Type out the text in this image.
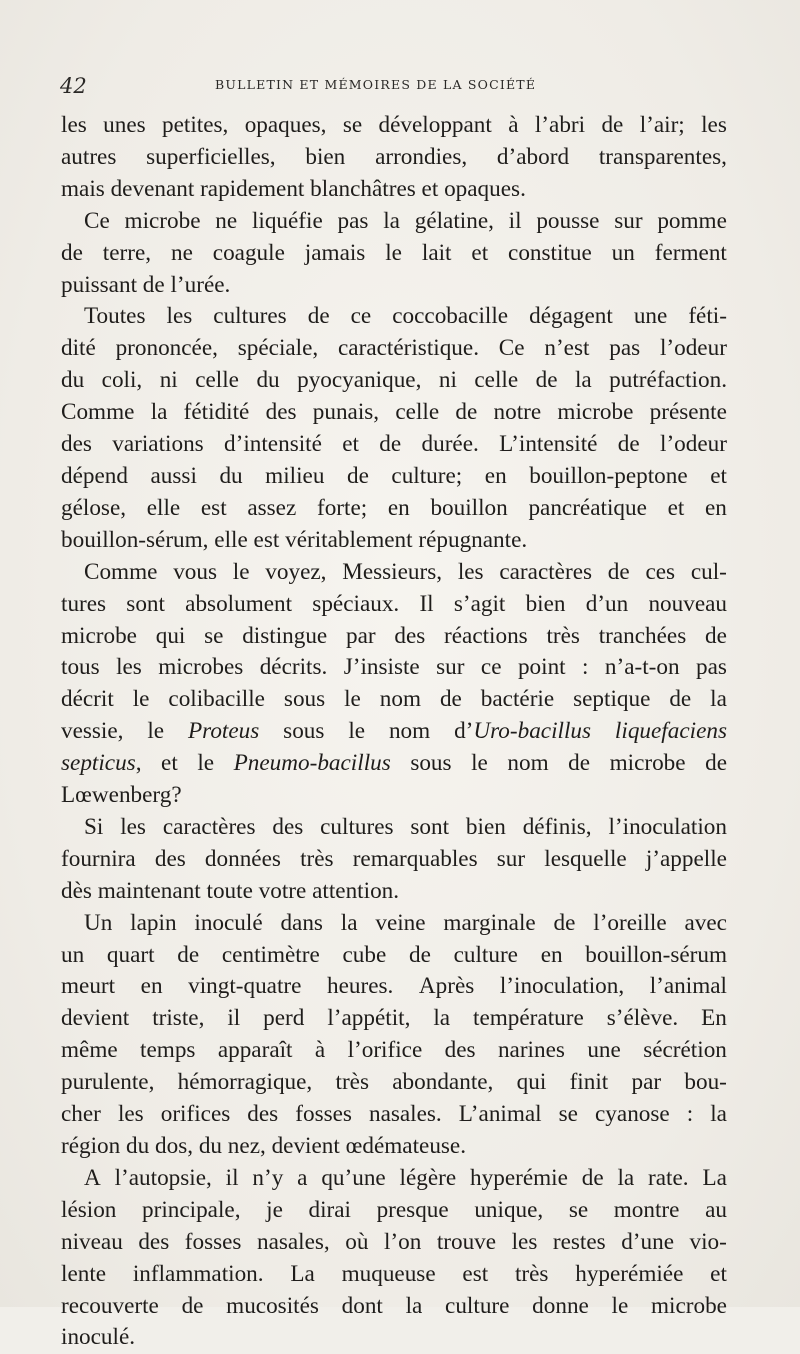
42	BULLETIN ET MÉMOIRES DE LA SOCIÉTÉ
les unes petites, opaques, se développant à l’abri de l’air; les
autres superficielles, bien arrondies, d’abord transparentes,
mais devenant rapidement blanchâtres et opaques.
Ce microbe ne liquéfie pas la gélatine, il pousse sur pomme
de terre, ne coagule jamais le lait et constitue un ferment
puissant de l’urée.
Toutes les cultures de ce coccobacille dégagent une féti-
dité prononcée, spéciale, caractéristique. Ce n’est pas l’odeur
du coli, ni celle du pyocyanique, ni celle de la putréfaction.
Comme la fétidité des punais, celle de notre microbe présente
des variations d’intensité et de durée. L’intensité de l’odeur
dépend aussi du milieu de culture; en bouillon-peptone et
gélose, elle est assez forte; en bouillon pancréatique et en
bouillon-sérum, elle est véritablement répugnante.
Comme vous le voyez, Messieurs, les caractères de ces cul-
tures sont absolument spéciaux. Il s’agit bien d’un nouveau
microbe qui se distingue par des réactions très tranchées de
tous les microbes décrits. J’insiste sur ce point : n’a-t-on pas
décrit le colibacille sous le nom de bactérie septique de la
vessie, le Proteus sous le nom d’Uro-bacillus liquefaciens
septicus, et le Pneumo-bacillus sous le nom de microbe de
Lœwenberg?
Si les caractères des cultures sont bien définis, l’inoculation
fournira des données très remarquables sur lesquelle j’appelle
dès maintenant toute votre attention.
Un lapin inoculé dans la veine marginale de l’oreille avec
un quart de centimètre cube de culture en bouillon-sérum
meurt en vingt-quatre heures. Après l’inoculation, l’animal
devient triste, il perd l’appétit, la température s’élève. En
même temps apparaît à l’orifice des narines une sécrétion
purulente, hémorragique, très abondante, qui finit par bou-
cher les orifices des fosses nasales. L’animal se cyanose : la
région du dos, du nez, devient œdémateuse.
A l’autopsie, il n’y a qu’une légère hyperémie de la rate. La
lésion principale, je dirai presque unique, se montre au
niveau des fosses nasales, où l’on trouve les restes d’une vio-
lente inflammation. La muqueuse est très hyperémiée et
recouverte de mucosités dont la culture donne le microbe
inoculé.
